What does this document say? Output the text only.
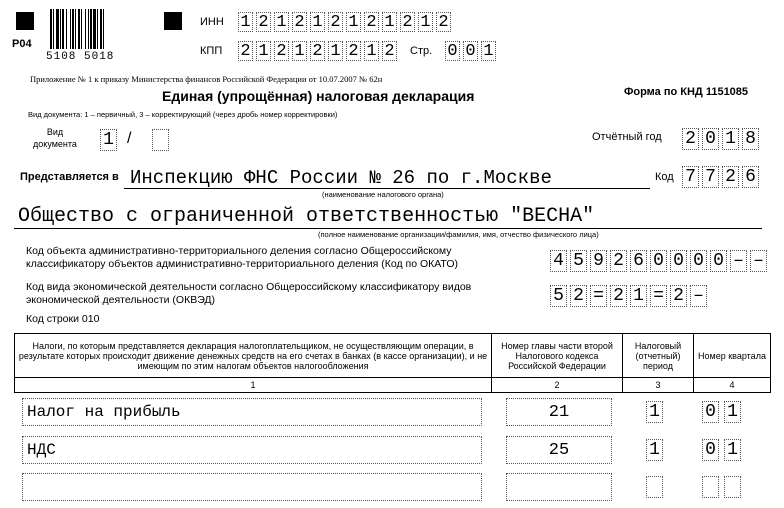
5108 5018
Р04
ИНН 1 2 1 2 1 2 1 2 1 2 1 2
КПП 2 1 2 1 2 1 2 1 2 Стр. 0 0 1
Приложение № 1 к приказу Министерства финансов Российской Федерации от 10.07.2007 № 62н
Единая (упрощённая) налоговая декларация	Форма по КНД 1151085
Вид документа: 1 – первичный, 3 – корректирующий (через дробь номер корректировки)
Вид
документа 1 /	Отчётный год 2 0 1 8
Представляется в Инспекцию ФНС России № 26 по г.Москве
(наименование налогового органа)
Код 7 7 2 6
Общество с ограниченной ответственностью "ВЕСНА"
(полное наименование организации/фамилия, имя, отчество физического лица)
Код объекта административно-территориального деления согласно Общероссийскому
классификатору объектов административно-территориального деления (Код по ОКАТО)	4 5 9 2 6 0 0 0 0 – –
Код вида экономической деятельности согласно Общероссийскому классификатору видов
экономической деятельности (ОКВЭД)	5 2 = 2 1 = 2 –
Код строки 010
Налоги, по которым представляется декларация налогоплательщиком, не осуществляющим операции, в результате которых происходит движение денежных средств на его счетах в банках (в кассе организации), и не имеющим по этим налогам объектов налогообложения	Номер главы части второй Налогового кодекса Российской Федерации	Налоговый (отчетный) период	Номер квартала
1	2	3	4
Налог на прибыль	21	1	0 1
НДС	25	1	0 1
